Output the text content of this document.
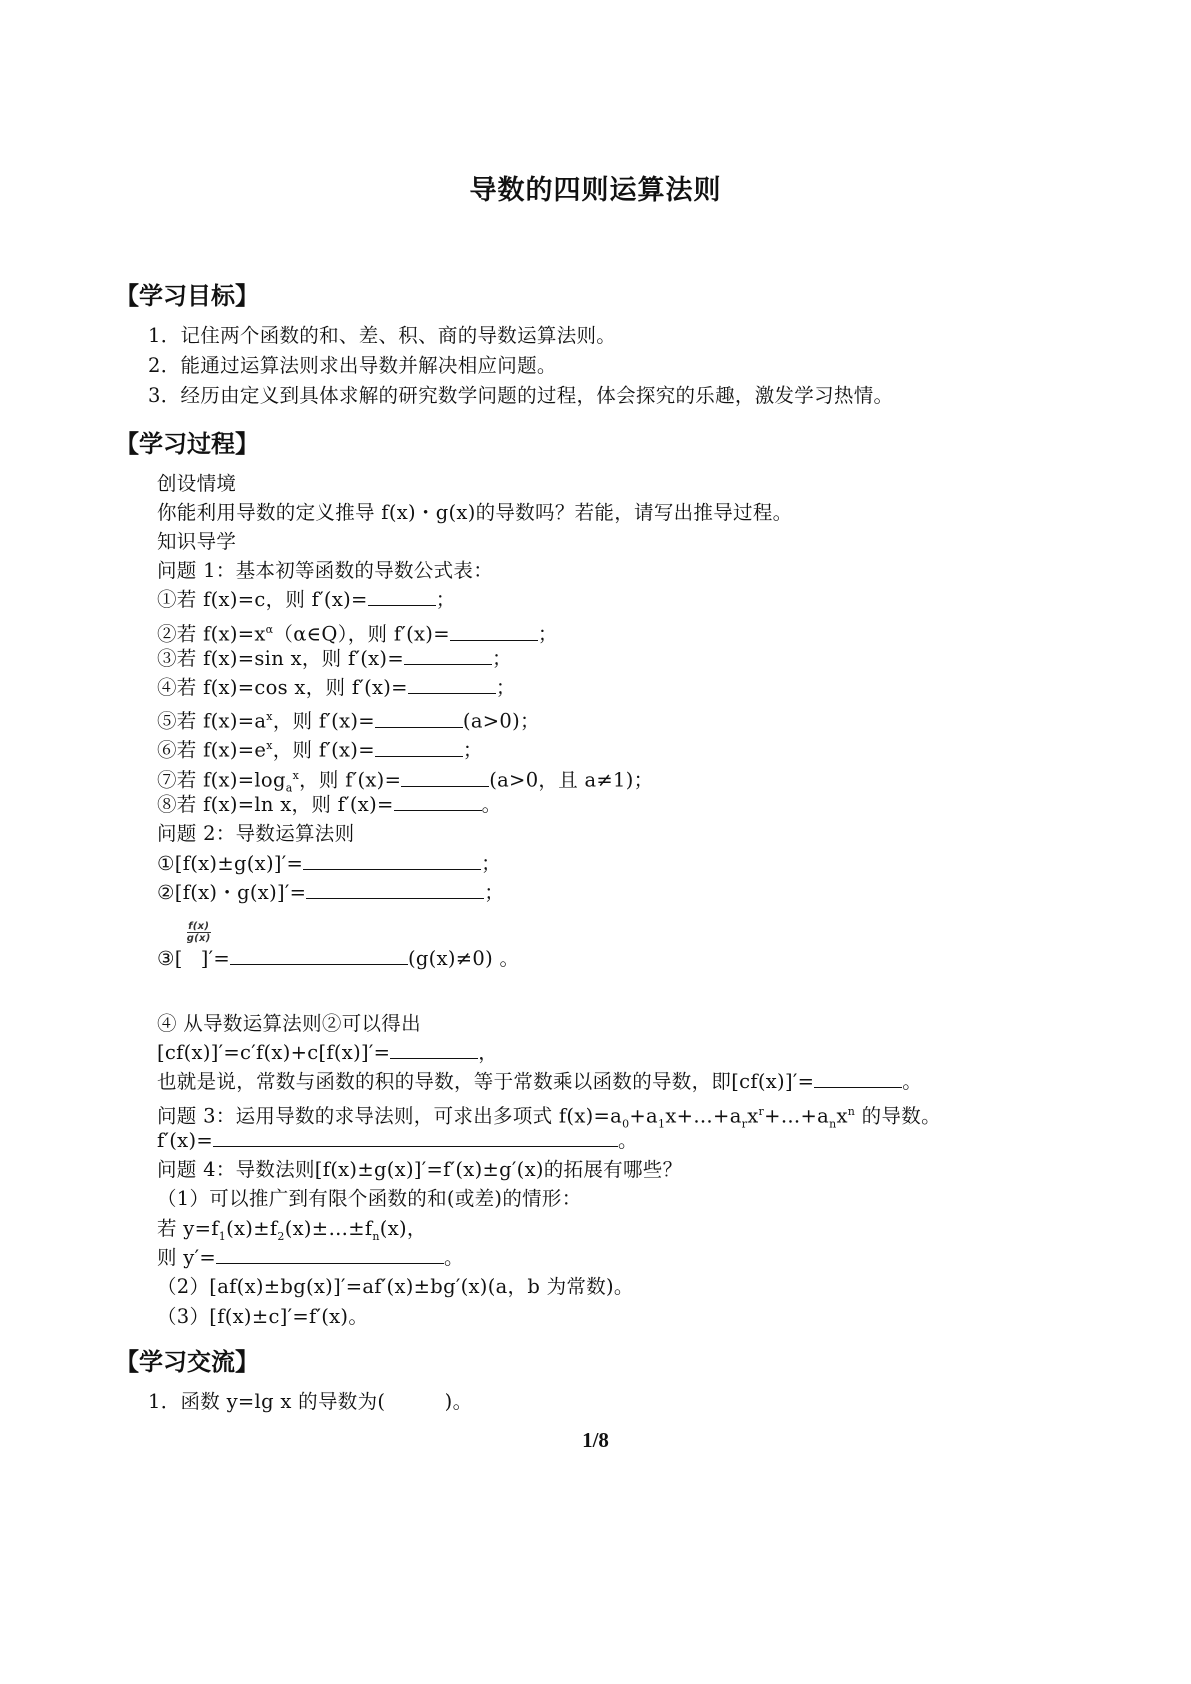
导数的四则运算法则
【学习目标】
1．记住两个函数的和、差、积、商的导数运算法则。
2．能通过运算法则求出导数并解决相应问题。
3．经历由定义到具体求解的研究数学问题的过程，体会探究的乐趣，激发学习热情。
【学习过程】
创设情境
你能利用导数的定义推导 f(x)・g(x)的导数吗？若能，请写出推导过程。
知识导学
问题 1：基本初等函数的导数公式表：
①若 f(x)=c，则 f′(x)=	；
②若 $f(x)=x^\alpha(\alpha\in Q)$，则 f′(x)=	；
③若 f(x)=sin x，则 f′(x)=	；
④若 f(x)=cos x，则 f′(x)=	；
⑤若 $f(x)=a^x$，则 f′(x)=	(a>0)；
⑥若 $f(x)=e^x$，则 f′(x)=	；
⑦若 $f(x)=\log_a^x$，则 f′(x)=	(a>0，且 a≠1)；
⑧若 f(x)=ln x，则 f′(x)=	。
问题 2：导数运算法则
①[f(x)±g(x)]′=	；
②[f(x)・g(x)]′=	；
③[
f(x)
g(x)
]′=	(g(x)≠0) 。
④ 从导数运算法则②可以得出
[cf(x)]′=c′f(x)+c[f(x)]′=	，
也就是说，常数与函数的积的导数，等于常数乘以函数的导数，即[cf(x)]′=	。
问题 3：运用导数的求导法则，可求出多项式 $f(x)=a_0+a_1x+\dots+a_rx^r+\dots+a_nx^n$ 的导数。
f′(x)=	。
问题 4：导数法则[f(x)±g(x)]′=f′(x)±g′(x)的拓展有哪些？
（1）可以推广到有限个函数的和(或差)的情形：
若 $y=f_1(x)\pm f_2(x)\pm\dots\pm f_n(x)$，
则 y′=	。
（2）[af(x)±bg(x)]′=af′(x)±bg′(x)(a，b 为常数)。
（3）[f(x)±c]′=f′(x)。
【学习交流】
1．函数 y=lg x 的导数为(　　　)。
1/8
